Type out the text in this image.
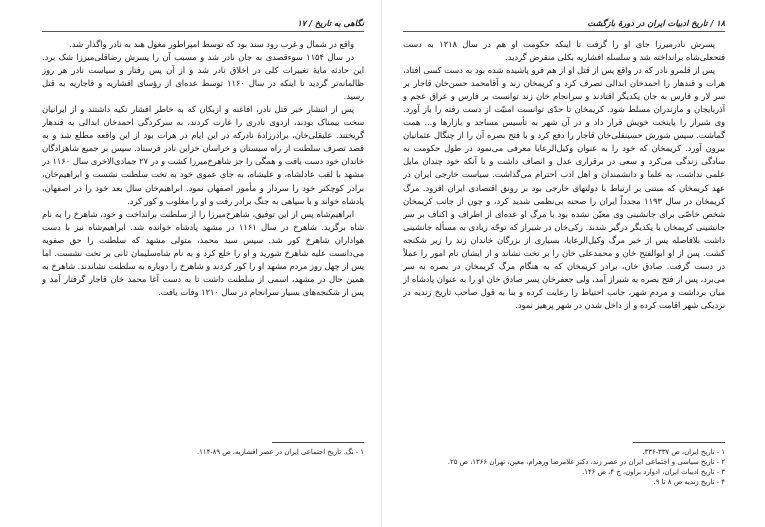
۱۸ / تاریخ ادبیات ایران در دورهٔ بازگشت

پسرش نادرمیرزا جای او را گرفت تا اینکه حکومت او هم در سال ۱۲۱۸ به دست فتحعلی‌شاه برانداخته شد و سلسله افشاریه بکلی منقرض گردید.

پس از قلمرو نادر که در واقع پس از قتل او از هم فرو پاشیده شده بود به دست کسی افتاد، هرات و قندهار را احمدخان ابدالی تصرف کرد و کریمخان زند و آقامحمد حسن‌خان قاجار بر سر لار و فارس به جان یکدیگر افتادند و سرانجام خان زند توانست بر فارس و عراق عجم و آذربایجان و مازندران مسلط شود. کریمخان تا حدّی توانست امنیّت از دست رفته را باز آورد. وی شیراز را پایتخت خویش قرار داد و در آن شهر به تأسیس مساجد و بازارها و... همت گماشت. سپس شورش حسینقلی‌خان قاجار را دفع کرد و با فتح بصره آن را از چنگال عثمانیان بیرون آورد. کریمخان که خود را به عنوان وکیل‌الرعایا معرفی می‌نمود در طول حکومت به سادگی زندگی می‌کرد و سعی در برقراری عدل و انصاف داشت و با آنکه خود چندان مایل علمی نداشت، به علما و دانشمندان و اهل ادب احترام می‌گذاشت. سیاست خارجی ایران در عهد کریمخان که مبتنی بر ارتباط با دولتهای خارجی بود بر رونق اقتصادی ایران افزود. مرگ کریمخان در سال ۱۱۹۳ مجدداً ایران را صحنه بی‌نظمی شدید کرد، و چون از جانب کریمخان شخص خاصّی برای جانشینی وی معیّن نشده بود با مرگ او عده‌ای از اطراف و اکناف بر سر جانشینی کریمخان با یکدیگر درگیر شدند. زکی‌خان در شیراز که توجّه زیادی به مسأله جانشینی داشت بلافاصله پس از خبر مرگ وکیل‌الرعایا، بسیاری از بزرگان خاندان زند را زیر شکنجه کشت. پس از او ابوالفتح خان و محمدعلی خان را بر تخت نشاند و از ایشان نام امور را عملاً در دست گرفت. صادق خان، برادر کریمخان که به هنگام مرگ کریمخان در بصره به سر می‌برد، پس از فتح بصره به شیراز آمد، ولی جعفرخان پسر صادق خان او را به عنوان پادشاه از میان برداشت و مردم شهر، جانب احتیاط را رعایت کرده و بنا به قول صاحب تاریخ زندیه در نزدیکی شهر اقامت کرده و از داخل شدن در شهر پرهیز نمود.

۱ - تاریخ ایران، ص ۳۳۷-۳۳۶.
۲ - تاریخ سیاسی و اجتماعی ایران در عصر زند، دکتر غلامرضا ورهرام، معین، تهران ۱۳۶۶، ص ۲۵.
۳ - تاریخ ادبیات ایران، ادوارد براون، ج ۴، ص ۱۴۶.
۴ - تاریخ زندیه ص ۸ تا ۹.
نگاهی به تاریخ / ۱۷

واقع در شمال و غرب رود سند بود که توسط امپراطور مغول هند به نادر واگذار شد.

در سال ۱۱۵۴ سوءقصدی به جان نادر شد و مسبب آن را پسرش رضاقلی‌میرزا شک برد. این حادثه مایهٔ تغییرات کلی در اخلاق نادر شد و از آن پس رفتار و سیاست نادر هر روز ظالمانه‌تر گردید تا اینکه در سال ۱۱۶۰ توسط عده‌ای از رؤسای افشاریه و قاجاریه به قتل رسید.

پس از انتشار خبر قتل نادر، افاغنه و ازبکان که به خاطر افشار تکیه داشتند و از ایرانیان سخت بیمناک بودند، اردوی نادری را غارت کردند، به سرکردگی احمدخان ابدالی به قندهار گریختند. علیقلی‌خان، برادرزادهٔ نادرکه در این ایام در هرات بود از این واقعه مطلع شد و به قصد تصرف سلطنت از راه سیستان و خراسان خزاین نادر فرستاد. سپس بر جمیع شاهزادگان خاندان خود دست یافت و همگی را جز شاهرخ‌میرزا کشت و در ۲۷ جمادی‌الاخری سال ۱۱۶۰ در مشهد با لقب عادلشاه، و علیشاه، به جای عموی خود به تخت سلطنت نشست و ابراهیم‌خان، برادر کوچکتر خود را سردار و مأمور اصفهان نمود. ابراهیم‌خان سال بعد خود را در اصفهان، پادشاه خواند و با سپاهی به جنگ برادر رفت و او را مغلوب و کور کرد.

ابراهیم‌شاه پس از این توفیق، شاهرخ‌میرزا را از سلطنت برانداخت و خود، شاهرخ را به نام شاه برگزید. شاهرخ در سال ۱۱۶۱ در مشهد پادشاه خوانده شد. ابراهیم‌شاه نیز با دست هواداران شاهرخ کور شد. سپس سید محمد، متولی مشهد که سلطنت را حق صفویه می‌دانست علیه شاهرخ شورید و او را خلع کرد و به نام شاه‌سلیمان ثانی بر تخت نشست. اما پس از چهل روز مردم مشهد او را کور کردند و شاهرخ را دوباره به سلطنت نشاندند. شاهرخ به همین حال در مشهد، اسمی از سلطنت داشت تا به دست آغا محمد خان قاجار گرفتار آمد و پس از شکنجه‌های بسیار سرانجام در سال ۱۲۱۰ وفات یافت.

۱ - نگ. تاریخ اجتماعی ایران در عصر افشاریه، ص ۸۹-۱۱۴.
